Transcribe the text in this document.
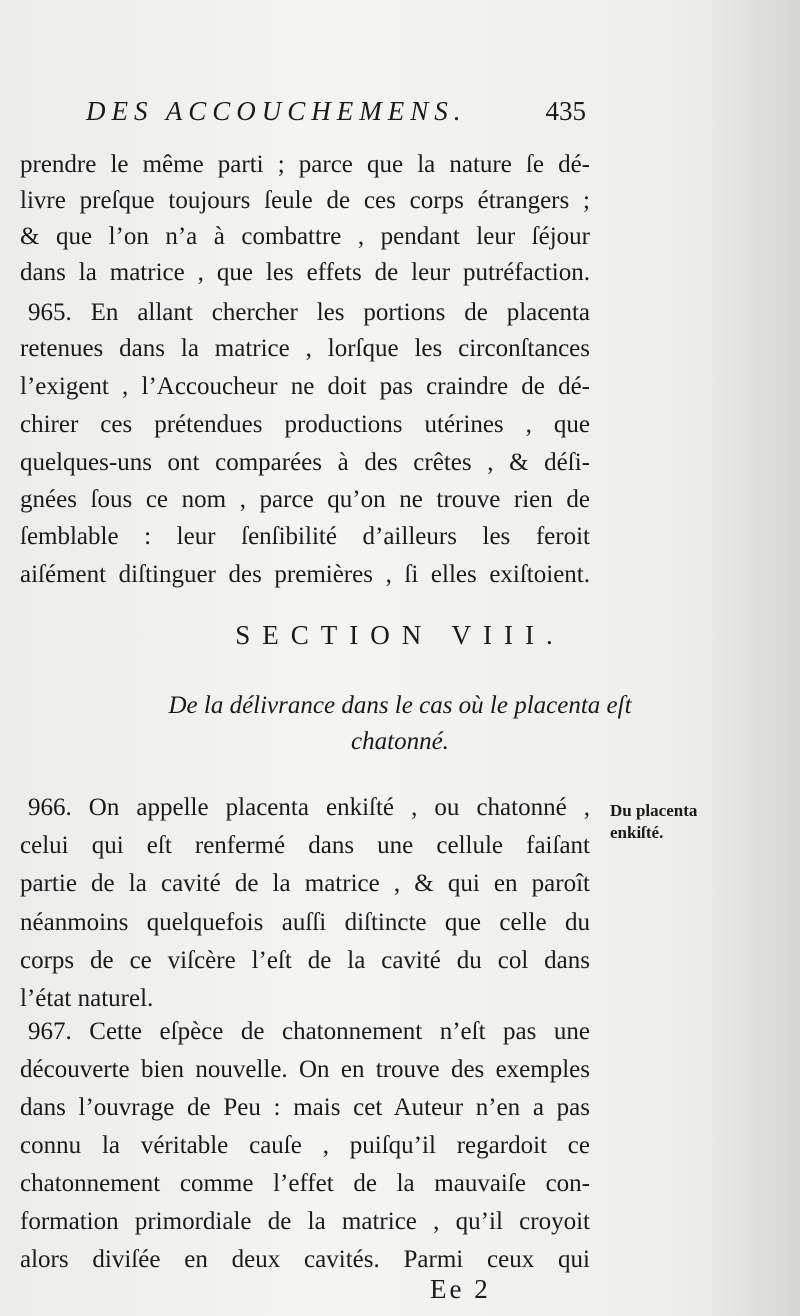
DES ACCOUCHEMENS.	435
prendre le même parti ; parce que la nature ſe dé-
livre preſque toujours ſeule de ces corps étrangers ;
& que l’on n’a à combattre , pendant leur ſéjour
dans la matrice , que les effets de leur putréfaction.
965. En allant chercher les portions de placenta
retenues dans la matrice , lorſque les circonſtances
l’exigent , l’Accoucheur ne doit pas craindre de dé-
chirer ces prétendues productions utérines , que
quelques-uns ont comparées à des crêtes , & déſi-
gnées ſous ce nom , parce qu’on ne trouve rien de
ſemblable : leur ſenſibilité d’ailleurs les feroit
aiſément diſtinguer des premières , ſi elles exiſtoient.
SECTION VIII.
De la délivrance dans le cas où le placenta eſt
chatonné.
966. On appelle placenta enkiſté , ou chatonné ,
celui qui eſt renfermé dans une cellule faiſant
partie de la cavité de la matrice , & qui en paroît
néanmoins quelquefois auſſi diſtincte que celle du
corps de ce viſcère l’eſt de la cavité du col dans
l’état naturel.
Du placenta
enkiſté.
967. Cette eſpèce de chatonnement n’eſt pas une
découverte bien nouvelle. On en trouve des exemples
dans l’ouvrage de Peu : mais cet Auteur n’en a pas
connu la véritable cauſe , puiſqu’il regardoit ce
chatonnement comme l’effet de la mauvaiſe con-
formation primordiale de la matrice , qu’il croyoit
alors diviſée en deux cavités. Parmi ceux qui
Ee 2
